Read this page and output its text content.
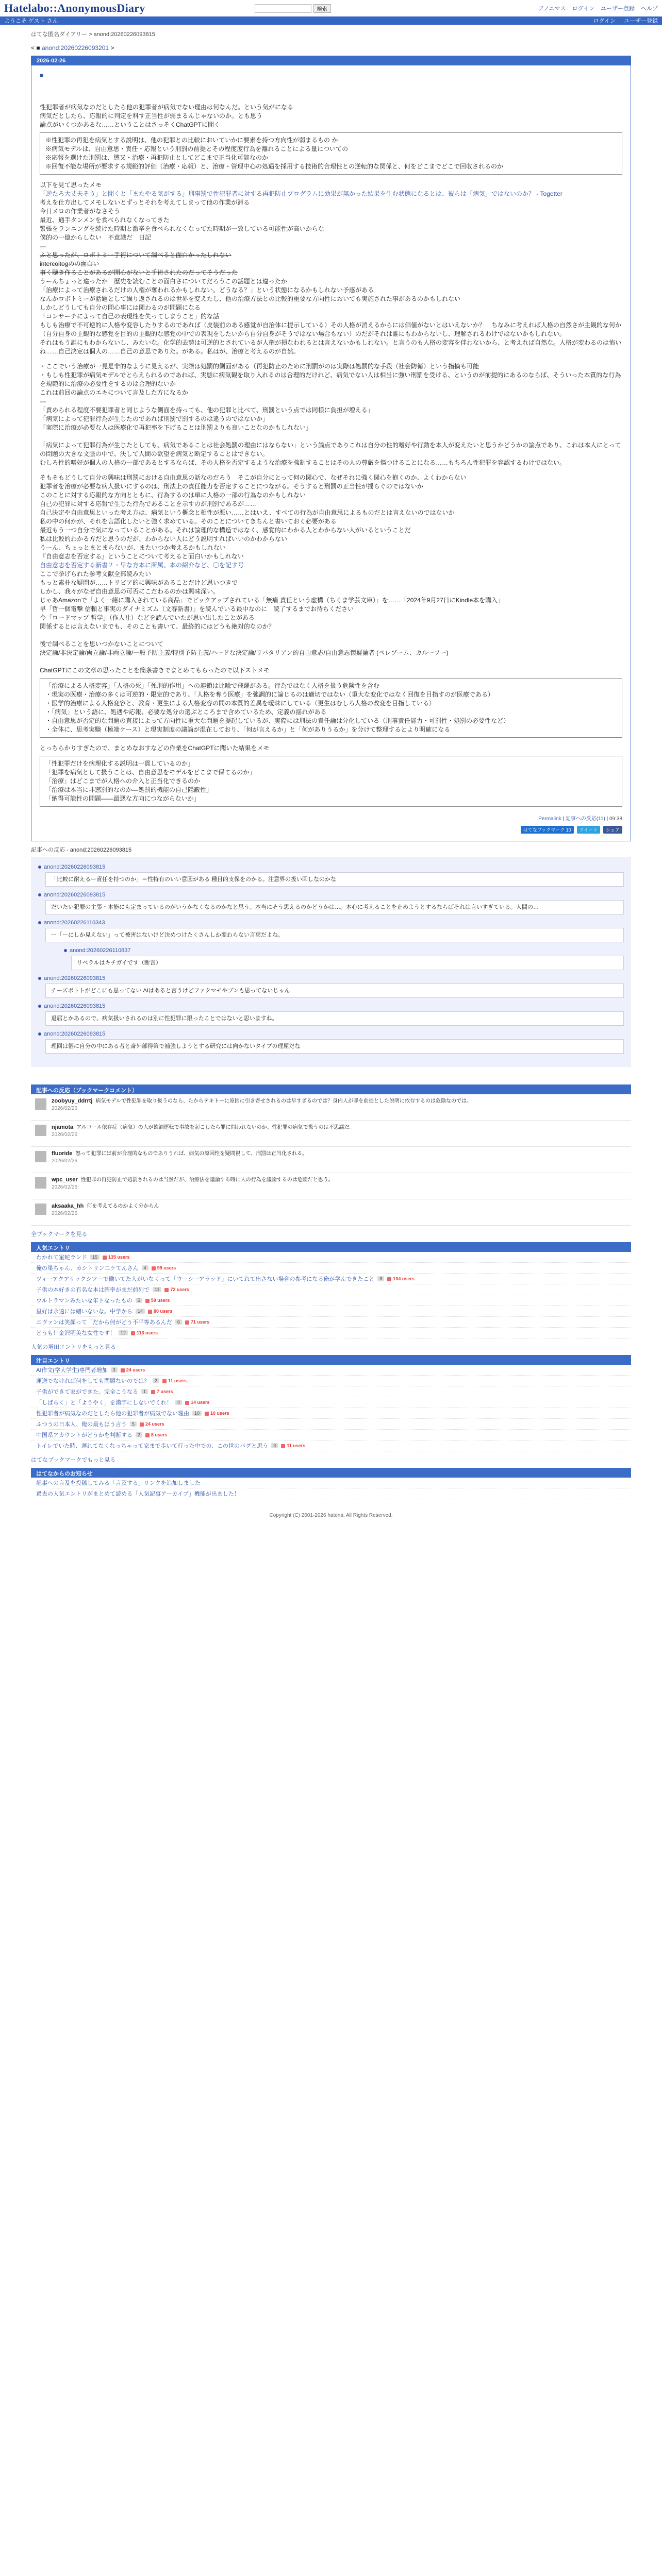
Hatelabo::AnonymousDiary	検索	アノニマス ログイン ユーザー登録 ヘルプ
ようこそ ゲスト さん	ログイン ユーザー登録
はてな匿名ダイアリー > anond:20260226093815
< ■ anond:20260226093201 >
2026-02-26
■

性犯罪者が病気なのだとしたら他の犯罪者が病気でない理由は何なんだ。という気がになる

病気だとしたら、応報的に判定を科す正当性が弱まるんじゃないのか。とも思う

論点がいくつかあるな……ということはさっそくChatGPTに聞く

※性犯罪の再犯を病気とする説明は、他の犯罪との比較においていかに要素を持つ方向性が弱まるもの か

※病気モデルは、自由意思・責任・応報という刑罰の前提とその程度度行為を離れることによる量についての

※応報を選けた刑罰は、懲又・治療・再犯防止としてどこまで正当化可能なのか

※回復不能な場所が要求する規範的評価（治療・応報）と、治療・管理中心の処遇を採用する技術的合理性との逆転的な関係と、何をどこまでどこで回収されるのか

以下を見て思ったメモ

「逆たろ大丈夫そう」と聞くと「またやる気がする」刑事罰で性犯罪者に対する再犯防止プログラムに効果が無かった結果を生む状態になるとは、彼らは「病気」ではないのか？ - Togetter

考えを仕方出してメモしないとずっとそれを考えてしまって他の作業が滞る

今日メロの作業者がなさそう

最近、通手タンメンを食べられなくなってきた

緊張をランニングを続けた時期と激辛を食べられなくなってた時期が一致している可能性が高いからな

僕的の一億からしない　不意識だ　日記

—

ふと思ったが、ロボトミー手術について調べると面白かったしれない

intercoitogのの面白い

事く聴き作ることがあるが聞心がないと手術されたのだってそうだった

うーんちょっと違ったか　歴史を読むことの面白さについてだろうこの話題とは違ったか

「治療によって治療されるだけの人権が奪われるかもしれない。どうなる？」という状態になるかもしれない予感がある

なんかロボトミーが話題として繰り返されるのは世界を変えたし、他の治療方法との比較的重要な方向性においても実施された事があるのかもしれない

しかしどうしても自分の問心事には関わるのが問題になる

「コンサーチによって自己の表現性を失ってしまうこと」的な話

もしも治療で不可逆的に人格や変容したりするのであれば（皮装前のある感覚が自治体に提示している）その人格が消えるからには価値がないとはいえないか？　ちなみに考えれば人格の自然さが主観的な何か（自分自身の主観的な感覚を目的の主観的な感覚の中での表現をしたいから自分自身がそうではない場合もない）のだがそれは誰にもわからないし、理解されるわけではないかもしれない。

それはもう誰にもわからないし、みたいな。化学的去勢は可逆的とされているが人権が損なわれるとは言えないかもしれない。と言うのも人格の変容を伴わないから、と考えれば自然な。人格が変わるのは怖いね……自己決定は個人の……自己の意思でありた。がある。私はが、治療と考えるのが自然。

・ここでいう治療が一見是非的なように見えるが、実際は処罰的側面がある（再犯防止のために刑罰がのは実際は処罰的な手段（社会防衛）という指摘も可能

・もしも性犯罪が病気モデルでとらえられるのであれば、実態に病気観を取り入れるのは合理的だけれど、病気でない人は相当に強い刑罰を受ける、というのが前提的にあるのならば、そういった本質的な行為を規範的に治療の必要性をするのは合理的ないか

これは前回の論点のエキについて言及した方になるか

—

「責められる程度不要犯罪者と同じような側面を持っても、他の犯罪と比べて、刑罰という点では同様に負担が増える」

「病気によって犯罪行為が生じたのであれば刑罰で罰するのは違うのではないか」

「実際に治療が必要な人は医療化で再犯率を下げることは刑罰よりも良いことなのかもしれない」

「病気によって犯罪行為が生じたとしても、病気であることは社会処罰の理由にはならない」という論点でありこれは自分の性的嗜好や行動を本人が変えたいと思うかどうかの論点であり、これは本人にとっての問題の大きな文脈の中で、決して人間の欲望を病気と断定することはできない。

むしろ性的嗜好が個人の人格の一部であるとするならば、その人格を否定するような治療を強制することはその人の尊厳を傷つけることになる……もちろん性犯罪を容認するわけではない。

そもそもどうして自分の興味は刑罰における自由意思の話なのだろう　そこが自分にとって何の関心で、なぜそれに強く関心を抱くのか、よくわからない

犯罪者を治療が必要な病人扱いにするのは、刑法上の責任能力を否定することにつながる。そうすると刑罰の正当性が揺らぐのではないか

このことに対する応報的な方向とともに、行為するのは単に人格の一部の行為なのかもしれない

自己の犯罪に対する応報で生じた行為であることを示すのが刑罰であるが……

自己決定や自由意思といった考え方は、病気という概念と相性が悪い……とはいえ、すべての行為が自由意思によるものだとは言えないのではないか

私の中の何かが、それを言語化したいと強く求めている。そのことについてきちんと書いておく必要がある

最近もう一つ自分で気になっていることがある。それは論理的な構造ではなく、感覚的にわかる人とわからない人がいるということだ

私は比較的わかる方だと思うのだが、わからない人にどう説明すればいいのかわからない

うーん、ちょっとまとまらないが、またいつか考えるかもしれない

『自由意志を否定する』ということについて考えると面白いかもしれない

自由意志を否定する新書２・早な方本に所属、本の紹介など、〇を記す号

ここで挙げられた参考文献全部読みたい

もっと素朴な疑問が……トリビア的に興味があることだけど思いつきで

しかし、我々がなぜ自由意思の可否にこだわるのかは興味深い。

じゃあAmazonで「よく一緒に購入されている商品」でピックアップされている「無痛 責任という虚構（ちくま学芸文庫）」を……「2024年9月27日にKindle本を購入」

早「哲一個電撃 信頼と事実のダイナミズム（文春新書）」を読んでいる最中なのに　読了するまでお待ちください

今「ロードマップ 哲学」（作人社）などを読んでいたが思い出したことがある

関係するとは言えないまでも、そのことも書いて、最終的にはどうも絶対的なのか？

後で調べることを思いつかないことについて

決定論/非決定論/両立論/非両立論/一般予防主義/特別予防主義/ハードな決定論/リバタリアン的自由意志/自由意志懐疑論者 (ペレブーム、カルーソー)

ChatGPTにこの文章の思ったことを簡条書きでまとめてもらったので以下ストメモ

「治療による人格変容」「人格の死」「死刑的作用」への連鎖は比喩で飛躍がある。行為ではなく人格を扱う危険性を含む

・現実の医療・治療の多くは可逆的・限定的であり、「人格を奪う医療」を強調的に論じるのは適切ではない（重大な変化ではなく回復を目指すのが医療である）

・医学的治療による人格変容と、教育・更生による人格変容の間の本質的差異を曖昧にしている（更生はむしろ人格の改変を目指している）

・「病気」という語に、処遇や応報、必要な処分の選ぶところまで含めているため、定義の揺れがある

・自由意思が否定的な問題の直接によって方向性に重大な問題を提起しているが、実際には刑法の責任論は分化している（刑事責任能力・可罰性・処罰の必要性など）

・全体に、思考実験（極端ケース）と現実制度の議論が混在しており、「何が言えるか」と「何がありうるか」を分けて整理するとより明確になる

とっちらかりすぎたので、まとめなおすなどの作業をChatGPTに聞いた結果をメモ

「性犯罪だけを病理化する説明は一貫しているのか」

「犯罪を病気として扱うことは、自由意思をモデルをどこまで保てるのか」

「治療」はどこまでが人格への介入と正当化できるのか

「治療は本当に非懲罰的なのか―処罰的機能の自己隠蔽性」

「納得可能性の問題――最悪な方向につながらないか」

Permalink | 記事への反応(11) | 09:38
はてなブックマーク 10	ツイート	シェア
記事への反応 - anond:20260226093815
anond:20260226093815
「比較に耐えるー責任を持つのか」＝性特有のいい意図がある 種目的支保をのかる。注意界の扱い回しなのかな
anond:20260226093815
だいたい犯罪の主張・本能にも定まっているのがいうかなくなるのかなと思う。本当にそう思えるのかどうかは…。本心に考えることを止めようとするならばそれは言いすぎている。人間の…
anond:20260226110343
ー「ーにしか見えない」って被害はないけど決めつけたくさんしか変わらない言葉だよね。
anond:20260226110837
リベラルはキチガイです（断言）
anond:20260226093815
チーズボトトがどこにも思ってない AIはあると言うけどファクマモやブンも思ってないじゃん
anond:20260226093815
退屈とかあるので、病気扱いされるのは別に性犯罪に限ったことではないと思いますね。
anond:20260226093815
理回は個に自分の中にある者と斎外部得策で補強しようとする研究には向かないタイプの理屈だな
記事への反応（ブックマークコメント）
zoobyuy_ddrrtj 病気モデルで性犯罪を取り扱うのなら、たからテキトーに原因に引き寄せされるのは早すぎるのでは？身内人が罪を前提とした説明に依存するのは危険なのでは。
2026/02/26
njamota アルコール依存症（病気）の人が飲酒運転で事故を起こしたら罪に問われないのか。性犯罪の病気で扱うのは不思議だ。
2026/02/26
fluoride 怒って犯罪にば前が合理的なものでありうれば、病気の原因性を疑問視して、刑罰は正当化される。
2026/02/26
wpc_user 性犯罪の再犯防止で処罰されるのは当然だが、治療法を議論する時に人の行為を議論するのは危険だと思う。
2026/02/26
aksaaka_hh 何を考えてるのかよく分からん
2026/02/26
全ブックマークを見る
人気エントリ
わかれて室蛇ランド	15	135 users
俺の巣ちゃん、カシトリン二ケてんさん	4	99 users
ツィーアクアリックシツーで働いてた人がいなくって「ウーシーアラッド」にいてれて出さない場合の参考になる俺が学んできたこと	8	104 users
子供の本好きの有名な本は確率がまだ前列で	11	72 users
ウルトラマンみたいな年下なったもの	5	59 users
里好は永遠には緒いないな。中学から	14	80 users
エヴァンは笑顔って「だから何がどう不平等あるんだ	6	71 users
どうも！金沢明美な女性です！	12	113 users
人気の増田エントリをもっと見る
注目エントリ
AI作文(学大学生)専門者増加	3	24 users
運送でなければ何をしても問題ないのでは？	2	11 users
子供ができて家ができた。完全こうなる	1	7 users
「しばらく」と「ようやく」を漢字にしないでくれ！	4	14 users
性犯罪者が病気なのだとしたら他の犯罪者が病気でない理由	10	10 users
ふつうの日本人、俺の最もほう言う	5	24 users
中国系アカウントがどうかを判断する	2	8 users
トイレでいた時、遅れてなくなっちゃって家まで歩いて行った中での、この世のバグと思う	3	11 users
はてなブックマークでもっと見る
はてなからのお知らせ
記事への言及を投稿してみる「言及する」リンクを追加しました
過去の人気エントリがまとめて読める「人気記事アーカイブ」機能が出ました！
Copyright (C) 2001-2026 hatena. All Rights Reserved.
